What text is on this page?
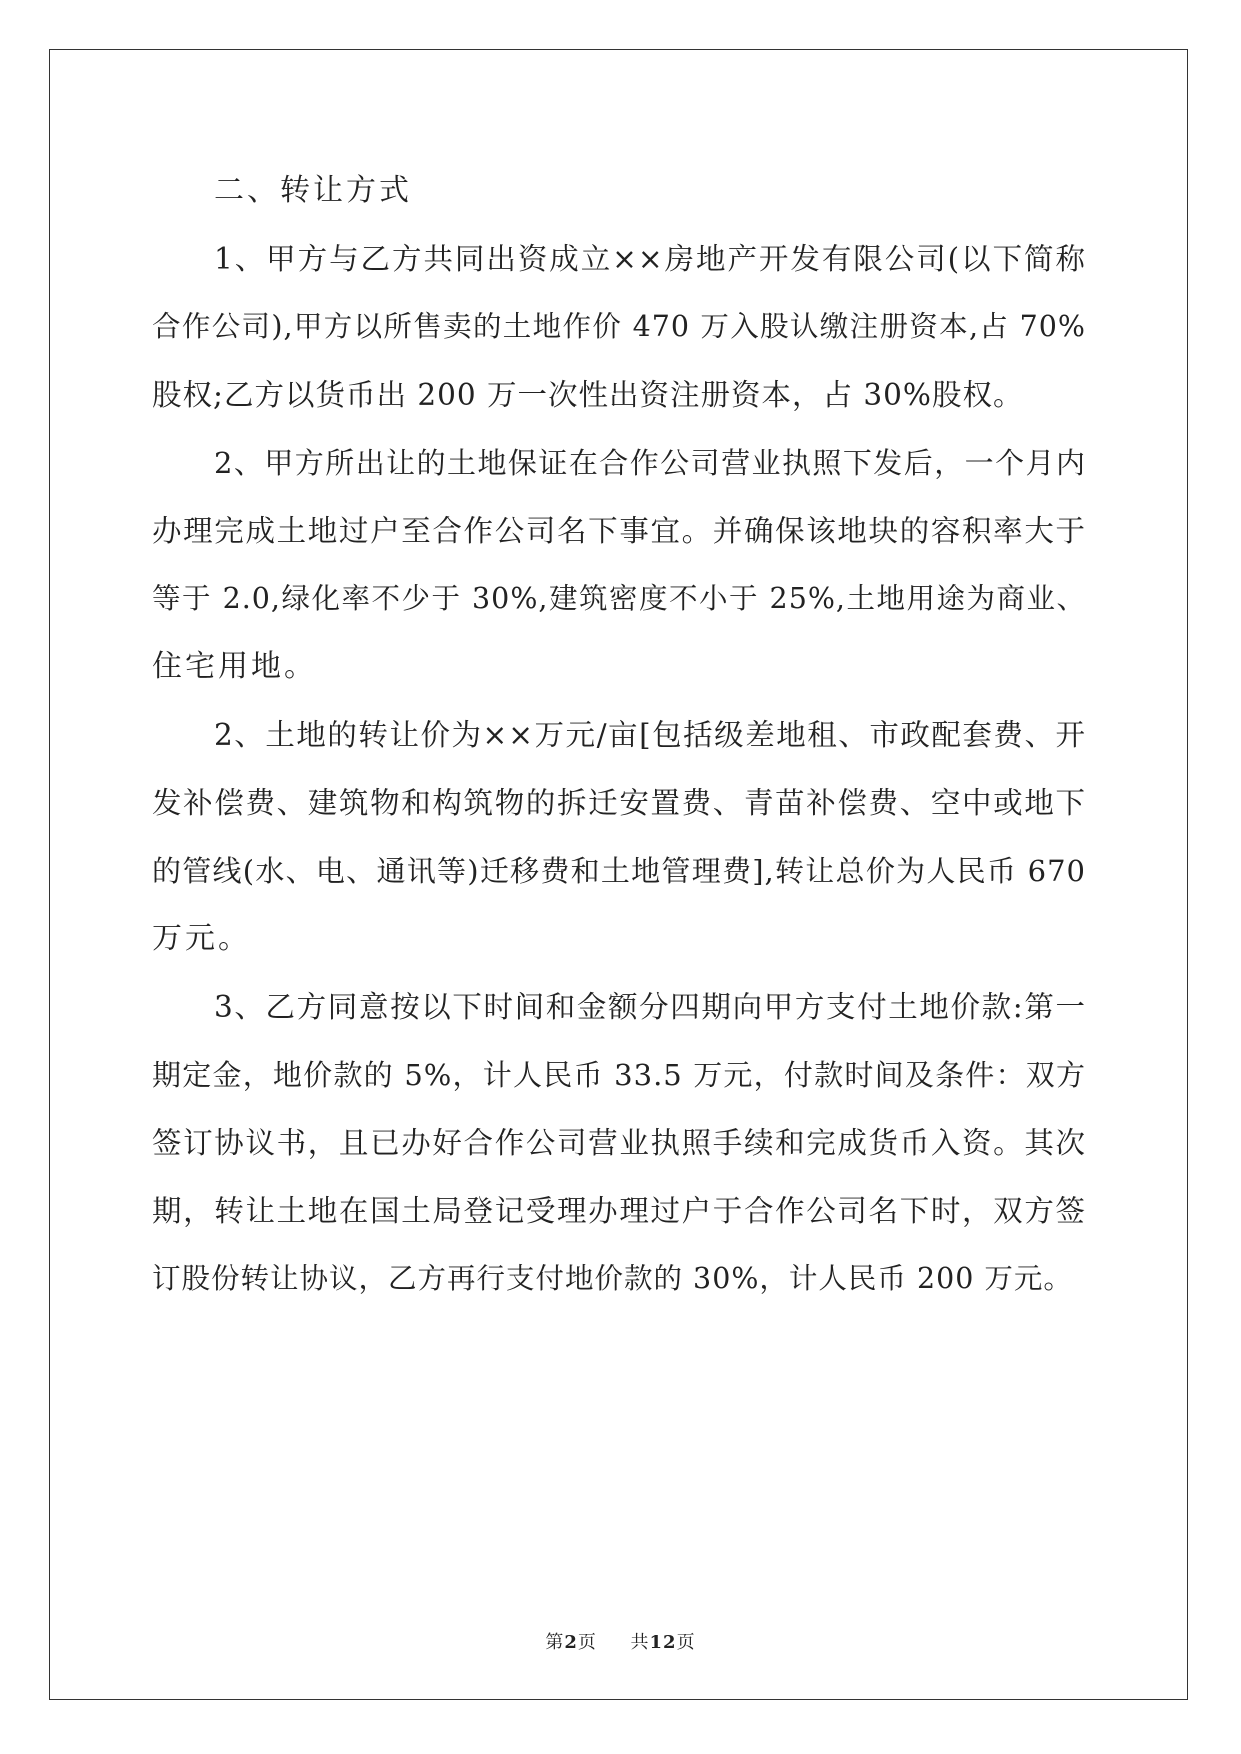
二、转让方式

1、甲方与乙方共同出资成立××房地产开发有限公司(以下简称
合作公司),甲方以所售卖的土地作价 470 万入股认缴注册资本,占 70%
股权;乙方以货币出 200 万一次性出资注册资本，占 30%股权。

2、甲方所出让的土地保证在合作公司营业执照下发后，一个月内
办理完成土地过户至合作公司名下事宜。并确保该地块的容积率大于
等于 2.0,绿化率不少于 30%,建筑密度不小于 25%,土地用途为商业、
住宅用地。

2、土地的转让价为××万元/亩[包括级差地租、市政配套费、开
发补偿费、建筑物和构筑物的拆迁安置费、青苗补偿费、空中或地下
的管线(水、电、通讯等)迁移费和土地管理费],转让总价为人民币 670
万元。

3、乙方同意按以下时间和金额分四期向甲方支付土地价款:第一
期定金，地价款的 5%，计人民币 33.5 万元，付款时间及条件：双方
签订协议书，且已办好合作公司营业执照手续和完成货币入资。其次
期，转让土地在国土局登记受理办理过户于合作公司名下时，双方签
订股份转让协议，乙方再行支付地价款的 30%，计人民币 200 万元。

第2页 共12页
